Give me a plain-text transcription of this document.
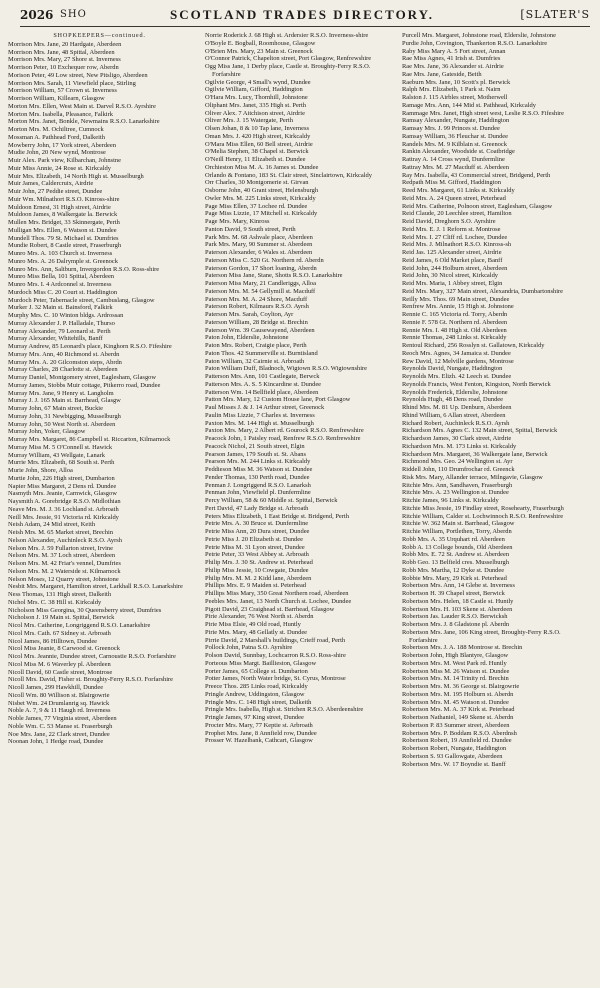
2026 SHO	SCOTLAND TRADES DIRECTORY.	[SLATER'S
SHOPKEEPERS—continued.

Morrison Mrs. Jane, 20 Hardgate, Aberdeen

Morrison Mrs. Jane, 48 Spittal, Aberdeen

Morrison Mrs. Mary, 27 Shore st. Inverness

Morrison Peter, 10 Exchequer row, Aberdn

Morison Peter, 49 Low street, New Pitsligo, Aberdeen

Morrison Mrs. Sarah, 11 Viewfield place, Stirling

Morrison William, 57 Crown st. Inverness

Morrison William, Killearn, Glasgow

Morton Mrs. Ellen, West Main st. Darvel R.S.O. Ayrshire

Morton Mrs. Isabella, Pleasance, Falkirk

Morton Mrs. Janet, Bonkle, Newmains R.S.O. Lanarkshire

Morton Mrs. M. Ochiltree, Cumnock

Mossman A. Pathhead Ford, Dalkeith

Mowberry John, 17 York street, Aberdeen

Mudie John, 20 New wynd, Montrose

Muir Alex. Park view, Kilbarchan, Johnstne

Muir Miss Annie, 24 Rose st. Kirkcaldy

Muir Mrs. Elizabeth, 14 North High st. Musselburgh

Muir James, Caldercruix, Airdrie

Muir John, 27 Peddie street, Dundee

Muir Wm. Milnathort R.S.O. Kinross-shire

Muldoon Ernest, 31 High street, Airdrie

Muldoon James, 8 Walkergate la. Berwick

Mullen Mrs. Bridget, 33 Skinnergate, Perth

Mulligan Mrs. Ellen, 6 Watson st. Dundee

Mundell Thos. 79 St. Michael st. Dumfries

Mundie Robert, 8 Castle street, Fraserburgh

Munro Mrs. A. 103 Church st. Inverness

Munro Mrs. A. 26 Dalrymple st. Greenock

Munro Mrs. Ann, Saltburn, Invergordon R.S.O. Ross-shire

Munro Miss Bella, 101 Spittal, Aberdeen

Munro Mrs. I. 4 Ardconnel st. Inverness

Murdoch Miss C. 20 Court st. Haddington

Murdoch Peter, Tabernacle street, Cambuslang, Glasgow

Murker J. 32 Main st. Bainsford, Falkirk

Murphy Mrs. C. 10 Winton bldgs. Ardrossan

Murray Alexander J. P. Halladale, Thurso

Murray Alexander, 79 Leonard st. Perth

Murray Alexander, Whitehills, Banff

Murray Andrew, 85 Leonard's place, Kinghorn R.S.O. Fifeshire

Murray Mrs. Ann, 40 Richmond st. Aberdn

Murray Mrs. A. 20 Gilcomston steps, Abrdn

Murray Charles, 28 Charlotte st. Aberdeen

Murray Daniel, Montgomery street, Eaglesham, Glasgow

Murray James, Stobbs Muir cottage, Pitkerro road, Dundee

Murray Mrs. Jane, 9 Henry st. Langholm

Murray J. J. 165 Main st. Barrhead, Glasgw

Murray John, 67 Main street, Buckie

Murray John, 31 Newbigging, Musselburgh

Murray John, 50 West North st. Aberdeen

Murray John, Yoker, Glasgow

Murray Mrs. Margaret, 86 Campbell st. Riccarton, Kilmarnock

Murray Miss M. 5 O'Connell st. Hawick

Murray William, 43 Wellgate, Lanark

Murrie Mrs. Elizabeth, 68 South st. Perth

Murie John, Shore, Alloa

Murtie John, 226 High street, Dumbarton

Napier Miss Margaret, 2 Dens rd. Dundee

Nasmyth Mrs. Jeanie, Carnwick, Glasgow

Naysmith A. Gorebridge R.S.O. Midlothian

Neave Mrs. M. J. 36 Lochland st. Arbroath

Neill Mrs. Jessie, 91 Victoria rd. Kirkcaldy

Neish Adam, 24 Mid street, Keith

Neish Mrs. M. 65 Market street, Brechin

Nelson Alexander, Auchinleck R.S.O. Ayrsh

Nelson Mrs. J. 59 Fullarton street, Irvine

Nelson Mrs. M. 37 Loch street, Aberdeen

Nelson Mrs. M. 42 Friar's vennel, Dumfries

Nelson Mrs. M. 2 Waterside st. Kilmarnock

Nelson Moses, 12 Quarry street, Johnstone

Nesbit Mrs. Margaret, Hamilton street, Larkhall R.S.O. Lanarkshire

Ness Thomas, 131 High street, Dalkeith

Nichol Mrs. C. 38 Hill st. Kirkcaldy

Nicholson Miss Georgina, 30 Queensberry street, Dumfries

Nicholson J. 19 Main st. Spittal, Berwick

Nicol Mrs. Catherine, Longriggend R.S.O. Lanarkshire

Nicol Mrs. Cath. 67 Sidney st. Arbroath

Nicol James, 86 Hilltown, Dundee

Nicol Miss Jeanie, 8 Carwood st. Greenock

Nicol Mrs. Jeannie, Dundee street, Carnoustie R.S.O. Forfarshire

Nicol Miss M. 6 Waverley pl. Aberdeen

Nicoll David, 60 Castle street, Montrose

Nicoll Mrs. David, Fisher st. Broughty-Ferry R.S.O. Forfarshire

Nicoll James, 299 Hawkhill, Dundee

Nicoll Wm. 80 Willison st. Blairgowrie

Nisbet Wm. 24 Drumlanrig sq. Hawick

Noble A. 7, 9 & 11 Haugh rd. Inverness

Noble James, 77 Virginia street, Aberdeen

Noble Wm. C. 53 Manse st. Fraserburgh

Noe Mrs. Jane, 22 Clark street, Dundee

Noonan John, 1 Hedge road, Dundee

Norrie Roderick J. 68 High st. Ardersier R.S.O. Inverness-shire

O'Boyle E. Bogball, Roomhouse, Glasgow

O'Brien Mrs. Mary, 23 Main st. Greenock

O'Connor Patrick, Chapelton street, Port Glasgow, Renfrewshire

Ogg Miss Jane, 1 Derby place, Castle st. Broughty-Ferry R.S.O. Forfarshire

Ogilvie George, 4 Small's wynd, Dundee

Ogilvie William, Gifford, Haddington

O'Hara Mrs. Lucy, Thornhill, Johnstone

Oliphant Mrs. Janet, 335 High st. Perth

Oliver Alex. 7 Aitchison street, Airdrie

Oliver Mrs. J. 15 Watergate, Perth

Olsen Johan, 8 & 10 Tap lane, Inverness

Oman Mrs. J. 420 High street, Kirkcaldy

O'Mara Miss Ellen, 60 Bell street, Airdrie

O'Melia Stephen, 38 Chapel st. Berwick

O'Neill Henry, 11 Elizabeth st. Dundee

Orchieston Miss M. A. 16 James st. Dundee

Orlando & Fontano, 183 St. Clair street, Sinclairtown, Kirkcaldy

Orr Charles, 30 Montgomerie st. Girvan

Osborne John, 40 Grant street, Helensburgh

Owler Mrs. M. 225 Links street, Kirkcaldy

Page Miss Ellen, 37 Lochee rd. Dundee

Page Miss Lizzie, 17 Mitchell st. Kirkcaldy

Page Mrs. Mary, Kinross

Panton David, 9 South street, Perth

Park Mrs. M. 68 Ashvale place, Aberdeen

Park Mrs. Mary, 90 Summer st. Aberdeen

Paterson Alexander, 6 Wales st. Aberdeen

Paterson Miss C. 520 Gt. Northern rd. Aberdn

Paterson Gordon, 17 Short loaning, Aberdn

Paterson Miss Jane, Stane, Shotts R.S.O. Lanarkshire

Paterson Miss Mary, 21 Candleriggs, Alloa

Paterson Mrs. M. 54 Gellymill st. Macduff

Paterson Mrs. M. A. 24 Shore, Macduff

Paterson Robert, Kilmaurs R.S.O. Ayrsh

Paterson Mrs. Sarah, Coylton, Ayr

Paterson William, 28 Bridge st. Brechin

Paterson Wm. 39 Causewayend, Aberdeen

Paton John, Elderslie, Johnstone

Paton Mrs. Robert, Craigie place, Perth

Paton Thos. 42 Summerville st. Burntisland

Paton William, 32 Cairnie st. Arbroath

Paton William Duff, Bladnoch, Wigtown R.S.O. Wigtownshire

Patterson Mrs. Ann, 101 Castlegate, Berwck

Patterson Mrs. A. S. 5 Kincardine st. Dundee

Patterson Wm. 14 Bellfield place, Aberdeen

Patton Mrs. Mary, 12 Custom House lane, Port Glasgow

Paul Misses J. & J. 14 Arthur street, Greenock

Paulin Miss Lizzie, 7 Charles st. Inverness

Paxton Mrs. M. 144 High st. Musselburgh

Paxton Mrs. Mary, 2 Albert rd. Gourock R.S.O. Renfrewshire

Peacock John, 1 Paisley road, Renfrew R.S.O. Renfrewshire

Peacock Nichol, 21 South street, Elgin

Pearson James, 179 South st. St. Abans

Pearson Mrs. M. 244 Links st. Kirkcaldy

Peddieson Miss M. 36 Watson st. Dundee

Pender Thomas, 130 Perth road, Dundee

Penman J. Longriggend R.S.O. Lanarksh

Penman John, Viewfield pl. Dunfermline

Percy William, 58 & 60 Middle st. Spittal, Berwick

Pert David, 47 Lady Bridge st. Arbroath

Peters Miss Elizabeth, 1 East Bridge st. Bridgend, Perth

Petrie Mrs. A. 30 Bruce st. Dunfermline

Petrie Miss Ann, 20 Dura street, Dundee

Petrie Miss J. 20 Elizabeth st. Dundee

Petrie Miss M. 31 Lyon street, Dundee

Petrie Peter, 33 West Abbey st. Arbroath

Philip Mrs. J. 30 St. Andrew st. Peterhead

Philip Miss Jessie, 10 Cowgate, Dundee

Philip Mrs. M. M. 2 Kidd lane, Aberdeen

Phillips Mrs. E. 9 Maiden st. Peterhead

Phillips Miss Mary, 350 Great Northern road, Aberdeen

Peebles Mrs. Janet, 13 North Church st. Lochee, Dundee

Pigott David, 23 Craighead st. Barrhead, Glasgow

Pirie Alexander, 76 West North st. Aberdn

Pirie Miss Elsie, 49 Old road, Huntly

Pirie Mrs. Mary, 48 Gellatly st. Dundee

Pirrie David, 2 Marshall's buildings, Crieff road, Perth

Pollock John, Patna S.O. Ayrshire

Polson David, Sunnbay, Lochcarron R.S.O. Ross-shire

Porteous Miss Margt. Baillieston, Glasgow

Porter James, 65 College st. Dumbarton

Potter James, North Water bridge, St. Cyrus, Montrose

Preece Thos. 285 Links road, Kirkcaldy

Pringle Andrew, Uddingston, Glasgow

Pringle Mrs. C. 148 High street, Dalkeith

Pringle Mrs. Isabella, High st. Strichen R.S.O. Aberdeenshire

Pringle James, 97 King street, Dundee

Procter Mrs. Mary, 77 Keptie st. Arbroath

Prophet Mrs. Jane, 8 Annfield row, Dundee

Prosser W. Hazelbank, Cathcart, Glasgow

Purcell Mrs. Margaret, Johnstone road, Elderslie, Johnstone

Purdie John, Covington, Thankerton R.S.O. Lanarkshire

Raby Miss Mary A. 5 Fort street, Annan

Rae Miss Agnes, 41 Irish st. Dumfries

Rae Mrs. Jane, 36 Alexander st. Airdrie

Rae Mrs. Jane, Gateside, Beith

Raeburn Mrs. Jane, 10 Scott's pl. Berwick

Ralph Mrs. Elizabeth, 1 Park st. Nairn

Ralston J. 115 Airbles street, Motherwell

Ramage Mrs. Ann, 144 Mid st. Pathhead, Kirkcaldy

Rammage Mrs. Janet, High street west, Leslie R.S.O. Fifeshire

Ramsay Alexander, Nungate, Haddington

Ramsay Mrs. J. 99 Princes st. Dundee

Ramsay William, 36 Fleuchar st. Dundee

Randels Mrs. M. 9 Kilblain st. Greenock

Rankin Alexander, Woodside st. Coatbridge

Rattray A. 14 Cross wynd, Dunfermline

Rattray Mrs. M. 27 Macduff st. Aberdeen

Ray Mrs. Isabella, 43 Commercial street, Bridgend, Perth

Redpath Miss M. Gifford, Haddington

Reed Mrs. Margaret, 61 Links st. Kirkcaldy

Reid Mrs. A. 24 Queen street, Peterhead

Reid Mrs. Catherine, Polnoon street, Eaglesham, Glasgow

Reid Claude, 20 Leechlee street, Hamilton

Reid David, Dreghorn S.O. Ayrshire

Reid Mrs. E. J. 1 Reform st. Montrose

Reid Mrs. I. 27 Cliff rd. Lochee, Dundee

Reid Mrs. J. Milnathort R.S.O. Kinross-sh

Reid Jas. 125 Alexander street, Airdrie

Reid James, 6 Old Market place, Banff

Reid John, 244 Holburn street, Aberdeen

Reid John, 30 Nicol street, Kirkcaldy

Reid Mrs. Maria, 1 Abbey street, Elgin

Reid Mrs. Mary, 327 Main street, Alexandria, Dumbartonshire

Reilly Mrs. Thos. 69 Main street, Dundee

Renfrew Mrs. Annie, 15 High st. Johnstone

Rennie C. 165 Victoria rd. Torry, Aberdn

Rennie F. 578 Gt. Northern rd. Aberdeen

Rennie Mrs. I. 48 High st. Old Aberdeen

Rennie Thomas, 248 Links st. Kirkcaldy

Rentoul Richard, 256 Rosslyn st. Gallatown, Kirkcaldy

Reoch Mrs. Agnes, 34 Jamaica st. Dundee

Rew David, 12 Melville gardens, Montrose

Reynolds David, Nungate, Haddington

Reynolds Mrs. Elizh. 42 Leech st. Dundee

Reynolds Francis, West Fenton, Kingston, North Berwick

Reynolds Frederick, Elderslie, Johnstone

Reynolds Hugh, 48 Dens road, Dundee

Rhind Mrs. M. 81 Up. Denburn, Aberdeen

Rhind William, 6 Allan street, Aberdeen

Richard Robert, Auchinleck R.S.O. Ayrsh

Richardson Mrs. Agnes C. 132 Main street, Spittal, Berwick

Richardson James, 30 Clark street, Airdrie

Richardson Mrs. M. 173 Links st. Kirkcaldy

Richardson Mrs. Margaret, 36 Walkergate lane, Berwick

Richmond Mrs. Geo. 24 Wellington st. Ayr

Riddell John, 110 Drumfrochar rd. Greenck

Risk Mrs. Mary, Allander terrace, Milngavie, Glasgow

Ritchie Mrs. Ann, Sandhaven, Fraserburgh

Ritchie Mrs. A. 23 Wellington st. Dundee

Ritchie James, 96 Links st. Kirkcaldy

Ritchie Miss Jessie, 19 Findlay street, Rosehearty, Fraserburgh

Ritchie William, Calder st. Lochwinnoch R.S.O. Renfrewshire

Ritchie W. 362 Main st. Barrhead, Glasgow

Ritchie William, Portlethen, Torry, Aberdn

Robb Mrs. A. 35 Urquhart rd. Aberdeen

Robb A. 13 College bounds, Old Aberdeen

Robb Mrs. E. 72 St. Andrew st. Aberdeen

Robb Geo. 13 Belfield cres. Musselburgh

Robb Mrs. Martha, 12 Dyke st. Dundee

Robbie Mrs. Mary, 29 Kirk st. Peterhead

Robertson Mrs. Ann, 14 Glebe st. Inverness

Robertson H. 39 Chapel street, Berwick

Robertson Mrs. Helen, 18 Castle st. Huntly

Robertson Mrs. H. 103 Skene st. Aberdeen

Robertson Jas. Lauder R.S.O. Berwicksh

Robertson Mrs. J. 8 Gladstone pl. Aberdn

Robertson Mrs. Jane, 106 King street, Broughty-Ferry R.S.O. Forfarshire

Robertson Mrs. J. A. 188 Montrose st. Brechin

Robertson John, High Blantyre, Glasgow

Robertson Mrs. M. West Park rd. Huntly

Robertson Miss M. 26 Watson st. Dundee

Robertson Mrs. M. 14 Trinity rd. Brechin

Robertson Mrs. M. 36 George st. Blairgowrie

Robertson Mrs. M. 195 Holburn st. Aberdn

Robertson Mrs. M. 45 Watson st. Dundee

Robertson Mrs. M. A. 37 Kirk st. Peterhead

Robertson Nathaniel, 149 Skene st. Aberdn

Robertson P. 83 Summer street, Aberdeen

Robertson Mrs. P. Boddam R.S.O. Aberdnsh

Robertson Robert, 19 Annfield rd. Dundee

Robertson Robert, Nungate, Haddington

Robertson S. 93 Gallowgate, Aberdeen

Robertson Mrs. W. 17 Boyndie st. Banff
